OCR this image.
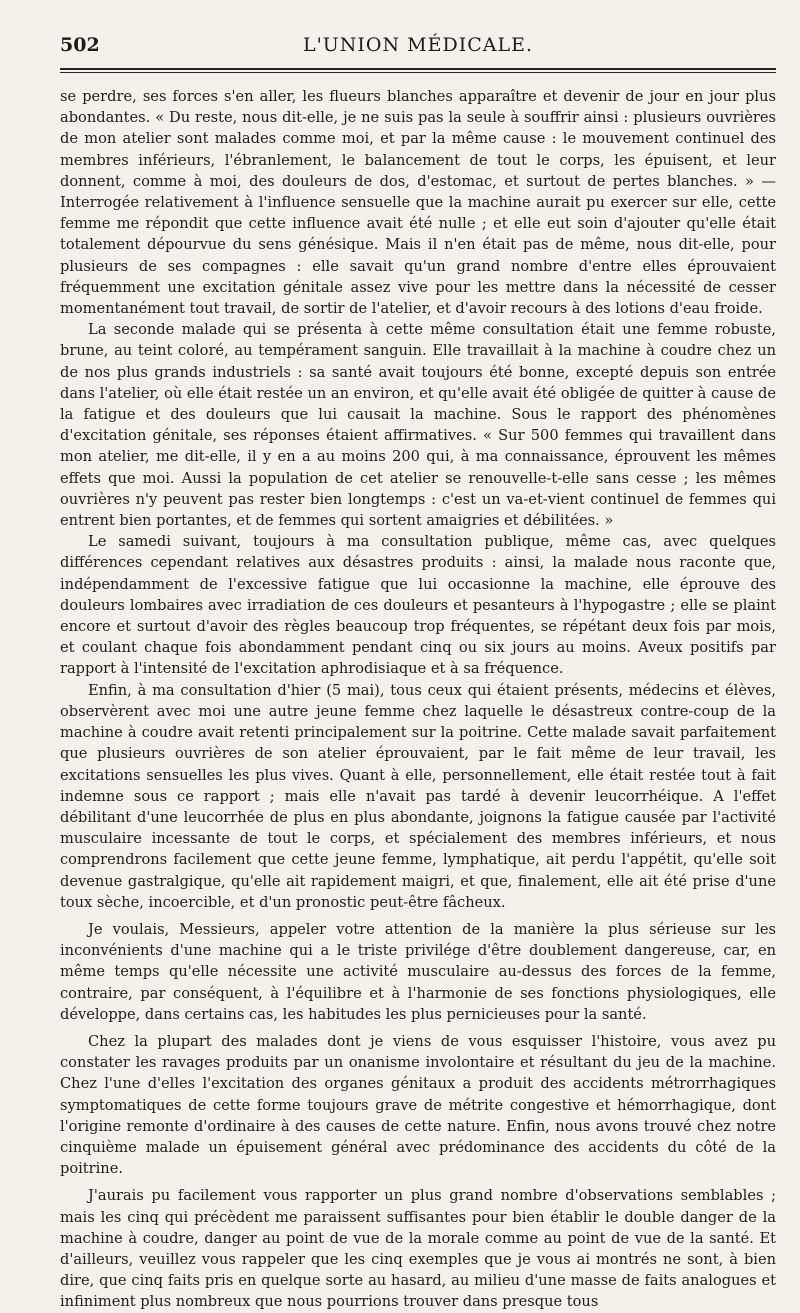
502	L'UNION MÉDICALE.

se perdre, ses forces s'en aller, les flueurs blanches apparaître et devenir de jour en jour plus abondantes. « Du reste, nous dit-elle, je ne suis pas la seule à souffrir ainsi : plusieurs ouvrières de mon atelier sont malades comme moi, et par la même cause : le mouvement continuel des membres inférieurs, l'ébranlement, le balancement de tout le corps, les épuisent, et leur donnent, comme à moi, des douleurs de dos, d'estomac, et surtout de pertes blanches. » — Interrogée relativement à l'influence sensuelle que la machine aurait pu exercer sur elle, cette femme me répondit que cette influence avait été nulle ; et elle eut soin d'ajouter qu'elle était totalement dépourvue du sens génésique. Mais il n'en était pas de même, nous dit-elle, pour plusieurs de ses compagnes : elle savait qu'un grand nombre d'entre elles éprouvaient fréquemment une excitation génitale assez vive pour les mettre dans la nécessité de cesser momentanément tout travail, de sortir de l'atelier, et d'avoir recours à des lotions d'eau froide.

La seconde malade qui se présenta à cette même consultation était une femme robuste, brune, au teint coloré, au tempérament sanguin. Elle travaillait à la machine à coudre chez un de nos plus grands industriels : sa santé avait toujours été bonne, excepté depuis son entrée dans l'atelier, où elle était restée un an environ, et qu'elle avait été obligée de quitter à cause de la fatigue et des douleurs que lui causait la machine. Sous le rapport des phénomènes d'excitation génitale, ses réponses étaient affirmatives. « Sur 500 femmes qui travaillent dans mon atelier, me dit-elle, il y en a au moins 200 qui, à ma connaissance, éprouvent les mêmes effets que moi. Aussi la population de cet atelier se renouvelle-t-elle sans cesse ; les mêmes ouvrières n'y peuvent pas rester bien longtemps : c'est un va-et-vient continuel de femmes qui entrent bien portantes, et de femmes qui sortent amaigries et débilitées. »

Le samedi suivant, toujours à ma consultation publique, même cas, avec quelques différences cependant relatives aux désastres produits : ainsi, la malade nous raconte que, indépendamment de l'excessive fatigue que lui occasionne la machine, elle éprouve des douleurs lombaires avec irradiation de ces douleurs et pesanteurs à l'hypogastre ; elle se plaint encore et surtout d'avoir des règles beaucoup trop fréquentes, se répétant deux fois par mois, et coulant chaque fois abondamment pendant cinq ou six jours au moins. Aveux positifs par rapport à l'intensité de l'excitation aphrodisiaque et à sa fréquence.

Enfin, à ma consultation d'hier (5 mai), tous ceux qui étaient présents, médecins et élèves, observèrent avec moi une autre jeune femme chez laquelle le désastreux contre-coup de la machine à coudre avait retenti principalement sur la poitrine. Cette malade savait parfaitement que plusieurs ouvrières de son atelier éprouvaient, par le fait même de leur travail, les excitations sensuelles les plus vives. Quant à elle, personnellement, elle était restée tout à fait indemne sous ce rapport ; mais elle n'avait pas tardé à devenir leucorrhéique. A l'effet débilitant d'une leucorrhée de plus en plus abondante, joignons la fatigue causée par l'activité musculaire incessante de tout le corps, et spécialement des membres inférieurs, et nous comprendrons facilement que cette jeune femme, lymphatique, ait perdu l'appétit, qu'elle soit devenue gastralgique, qu'elle ait rapidement maigri, et que, finalement, elle ait été prise d'une toux sèche, incoercible, et d'un pronostic peut-être fâcheux.

Je voulais, Messieurs, appeler votre attention de la manière la plus sérieuse sur les inconvénients d'une machine qui a le triste privilége d'être doublement dangereuse, car, en même temps qu'elle nécessite une activité musculaire au-dessus des forces de la femme, contraire, par conséquent, à l'équilibre et à l'harmonie de ses fonctions physiologiques, elle développe, dans certains cas, les habitudes les plus pernicieuses pour la santé.

Chez la plupart des malades dont je viens de vous esquisser l'histoire, vous avez pu constater les ravages produits par un onanisme involontaire et résultant du jeu de la machine. Chez l'une d'elles l'excitation des organes génitaux a produit des accidents métrorrhagiques symptomatiques de cette forme toujours grave de métrite congestive et hémorrhagique, dont l'origine remonte d'ordinaire à des causes de cette nature. Enfin, nous avons trouvé chez notre cinquième malade un épuisement général avec prédominance des accidents du côté de la poitrine.

J'aurais pu facilement vous rapporter un plus grand nombre d'observations semblables ; mais les cinq qui précèdent me paraissent suffisantes pour bien établir le double danger de la machine à coudre, danger au point de vue de la morale comme au point de vue de la santé. Et d'ailleurs, veuillez vous rappeler que les cinq exemples que je vous ai montrés ne sont, à bien dire, que cinq faits pris en quelque sorte au hasard, au milieu d'une masse de faits analogues et infiniment plus nombreux que nous pourrions trouver dans presque tous
